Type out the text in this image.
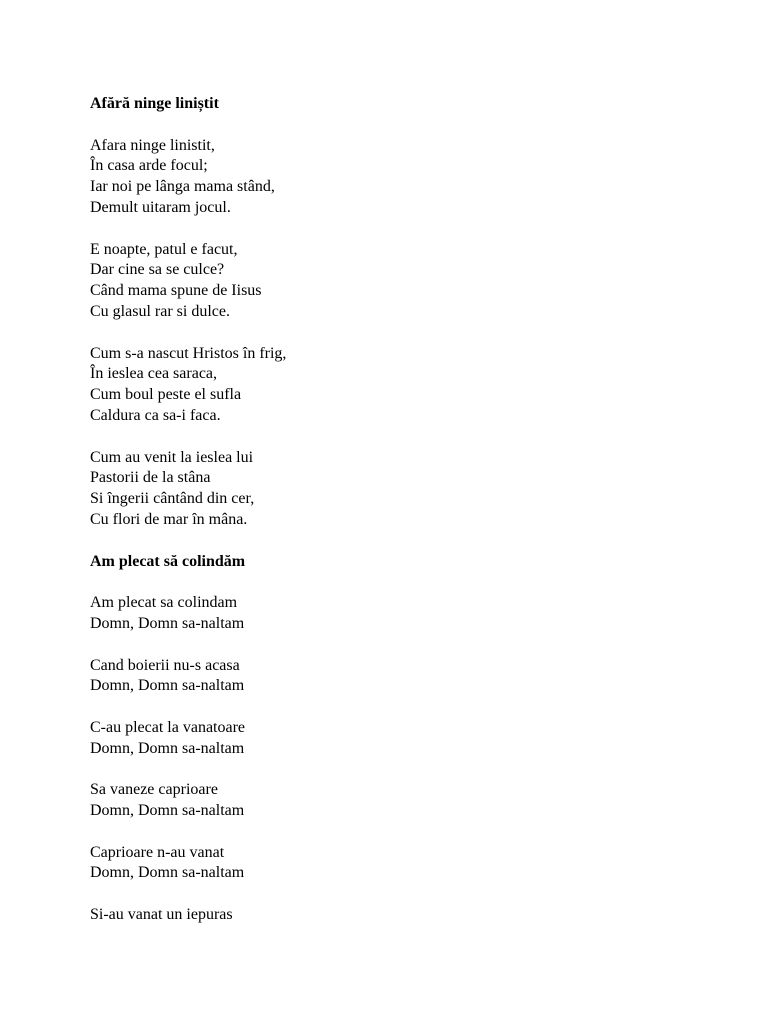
Afără ninge liniștit

Afara ninge linistit,

În casa arde focul;

Iar noi pe lânga mama stând,

Demult uitaram jocul.

E noapte, patul e facut,

Dar cine sa se culce?

Când mama spune de Iisus

Cu glasul rar si dulce.

Cum s-a nascut Hristos în frig,

În ieslea cea saraca,

Cum boul peste el sufla

Caldura ca sa-i faca.

Cum au venit la ieslea lui

Pastorii de la stâna

Si îngerii cântând din cer,

Cu flori de mar în mâna.

Am plecat să colindăm

Am plecat sa colindam

Domn, Domn sa-naltam

Cand boierii nu-s acasa

Domn, Domn sa-naltam

C-au plecat la vanatoare

Domn, Domn sa-naltam

Sa vaneze caprioare

Domn, Domn sa-naltam

Caprioare n-au vanat

Domn, Domn sa-naltam

Si-au vanat un iepuras
